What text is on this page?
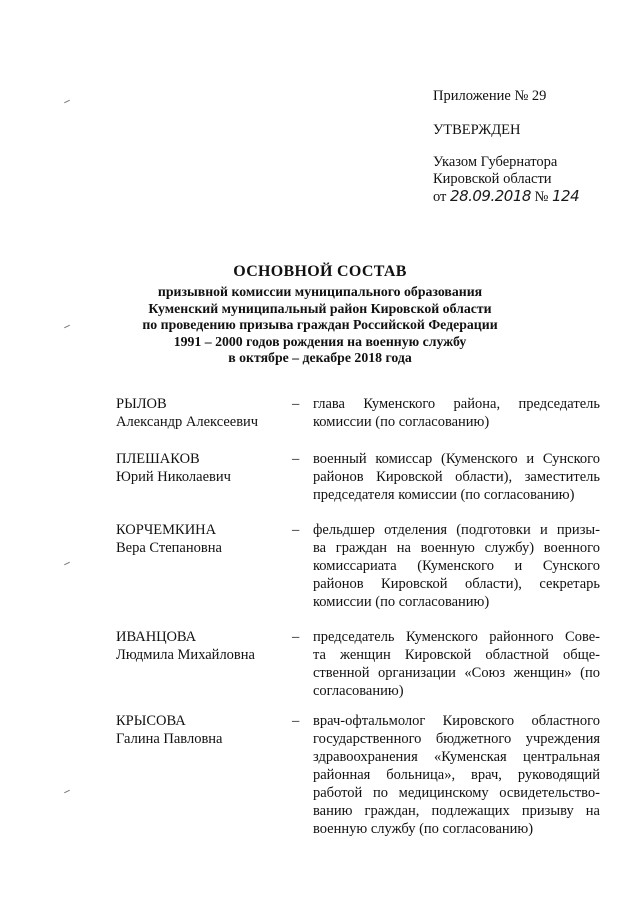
Приложение № 29
УТВЕРЖДЕН
Указом Губернатора
Кировской области
от 28.09.2018 № 124
ОСНОВНОЙ СОСТАВ
призывной комиссии муниципального образования
Куменский муниципальный район Кировской области
по проведению призыва граждан Российской Федерации
1991 – 2000 годов рождения на военную службу
в октябре – декабре 2018 года
РЫЛОВ
Александр Алексеевич
– глава Куменского района, председатель
комиссии (по согласованию)
ПЛЕШАКОВ
Юрий Николаевич
– военный комиссар (Куменского и Сунского
районов Кировской области), заместитель
председателя комиссии (по согласованию)
КОРЧЕМКИНА
Вера Степановна
– фельдшер отделения (подготовки и призы-
ва граждан на военную службу) военного
комиссариата (Куменского и Сунского
районов Кировской области), секретарь
комиссии (по согласованию)
ИВАНЦОВА
Людмила Михайловна
– председатель Куменского районного Сове-
та женщин Кировской областной обще-
ственной организации «Союз женщин» (по
согласованию)
КРЫСОВА
Галина Павловна
– врач-офтальмолог Кировского областного
государственного бюджетного учреждения
здравоохранения «Куменская центральная
районная больница», врач, руководящий
работой по медицинскому освидетельство-
ванию граждан, подлежащих призыву на
военную службу (по согласованию)
